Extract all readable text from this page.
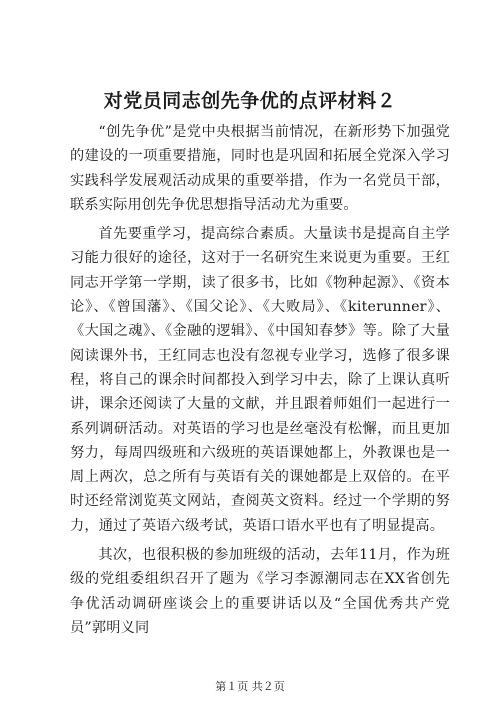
对党员同志创先争优的点评材料２

“创先争优”是党中央根据当前情况，在新形势下加强党的建设的一项重要措施，同时也是巩固和拓展全党深入学习实践科学发展观活动成果的重要举措，作为一名党员干部，联系实际用创先争优思想指导活动尤为重要。

首先要重学习，提高综合素质。大量读书是提高自主学习能力很好的途径，这对于一名研究生来说更为重要。王红同志开学第一学期，读了很多书，比如《物种起源》、《资本论》、《曾国藩》、《国父论》、《大败局》、《kiterunner》、《大国之魂》、《金融的逻辑》、《中国知春梦》等。除了大量阅读课外书，王红同志也没有忽视专业学习，选修了很多课程，将自己的课余时间都投入到学习中去，除了上课认真听讲，课余还阅读了大量的文献，并且跟着师姐们一起进行一系列调研活动。对英语的学习也是丝毫没有松懈，而且更加努力，每周四级班和六级班的英语课她都上，外教课也是一周上两次，总之所有与英语有关的课她都是上双倍的。在平时还经常浏览英文网站，查阅英文资料。经过一个学期的努力，通过了英语六级考试，英语口语水平也有了明显提高。

其次，也很积极的参加班级的活动，去年11月，作为班级的党组委组织召开了题为《学习李源潮同志在XX省创先争优活动调研座谈会上的重要讲话以及“全国优秀共产党员”郭明义同

第１页 共２页
